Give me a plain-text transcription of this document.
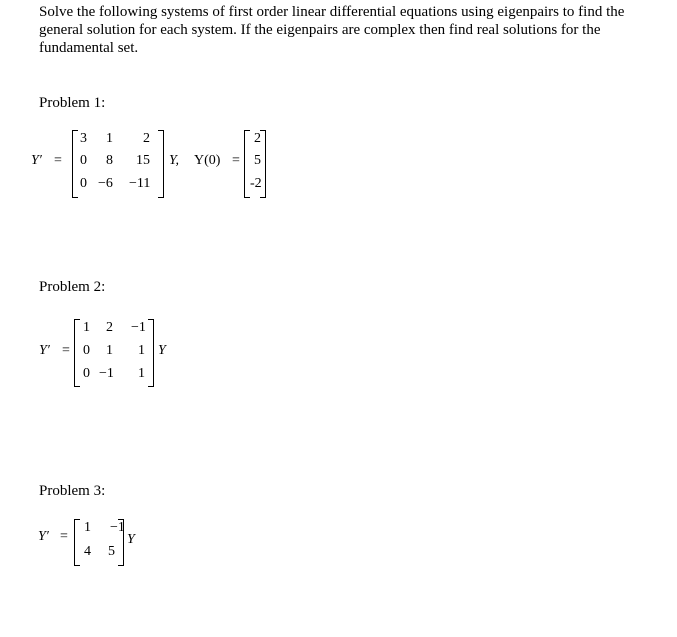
Solve the following systems of first order linear differential equations using eigenpairs to find the general solution for each system. If the eigenpairs are complex then find real solutions for the fundamental set.

Problem 1:

Y′ =
3 1 2
0 8 15
0 −6 −11
Y, Y(0) =
2
5
-2

Problem 2:

Y′ =
1 2 −1
0 1 1
0 −1 1
Y

Problem 3:

Y′ =
1 −1
4 5
Y
